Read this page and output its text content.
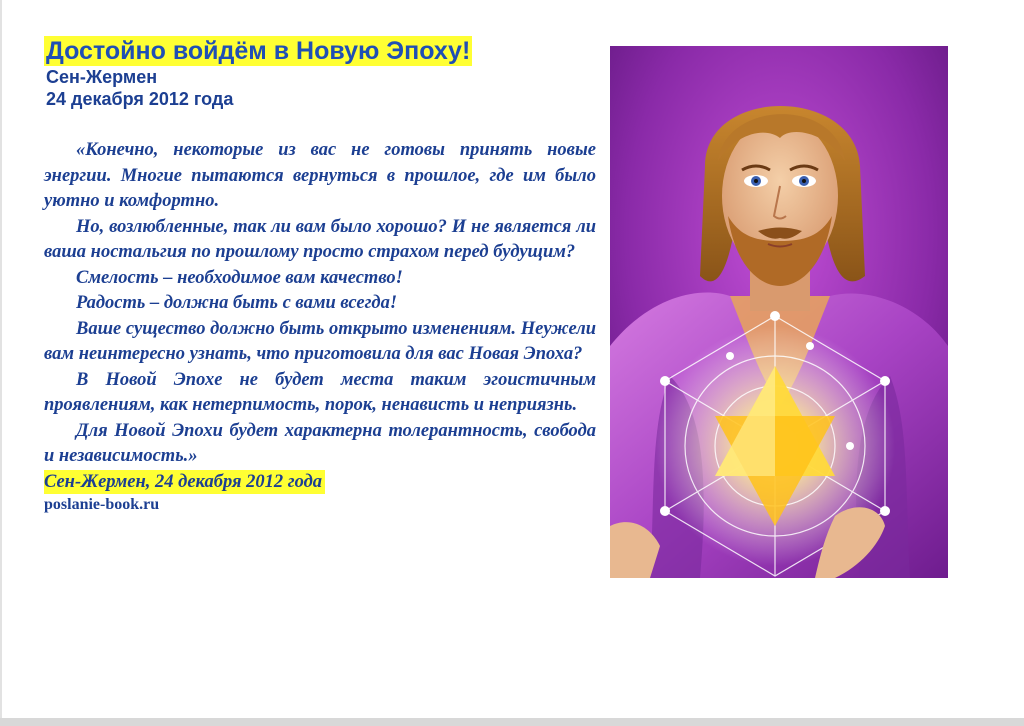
Достойно войдём в Новую Эпоху!
Сен-Жермен
24 декабря 2012 года

«Конечно, некоторые из вас не готовы принять новые энергии. Многие пытаются вернуться в прошлое, где им было уютно и комфортно.

Но, возлюбленные, так ли вам было хорошо? И не является ли ваша ностальгия по прошлому просто страхом перед будущим?

Смелость – необходимое вам качество!

Радость – должна быть с вами всегда!

Ваше существо должно быть открыто изменениям. Неужели вам неинтересно узнать, что приготовила для вас Новая Эпоха?

В Новой Эпохе не будет места таким эгоистичным проявлениям, как нетерпимость, порок, ненависть и неприязнь.

Для Новой Эпохи будет характерна толерантность, свобода и независимость.»

Сен-Жермен, 24 декабря 2012 года
poslanie-book.ru
